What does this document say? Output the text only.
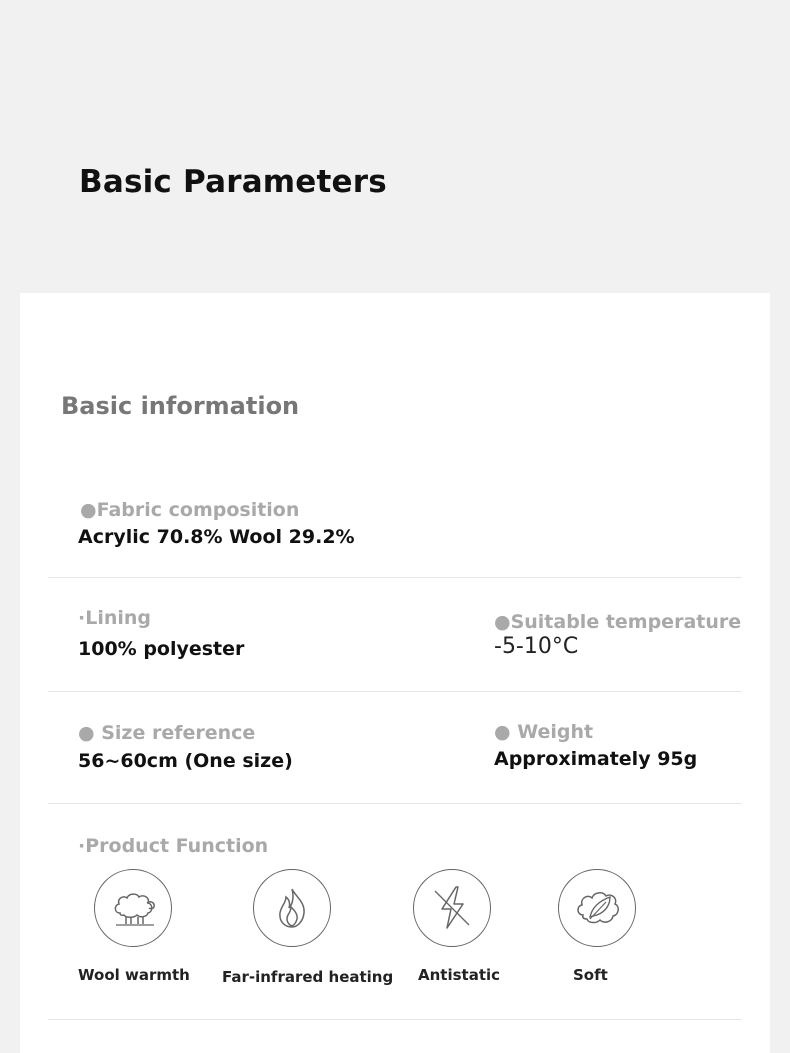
Basic Parameters
Basic information
●Fabric composition
Acrylic 70.8% Wool 29.2%
·Lining
100% polyester
●Suitable temperature
-5-10°C
● Size reference
56~60cm (One size)
● Weight
Approximately 95g
·Product Function
Wool warmth Far-infrared heating Antistatic	Soft
